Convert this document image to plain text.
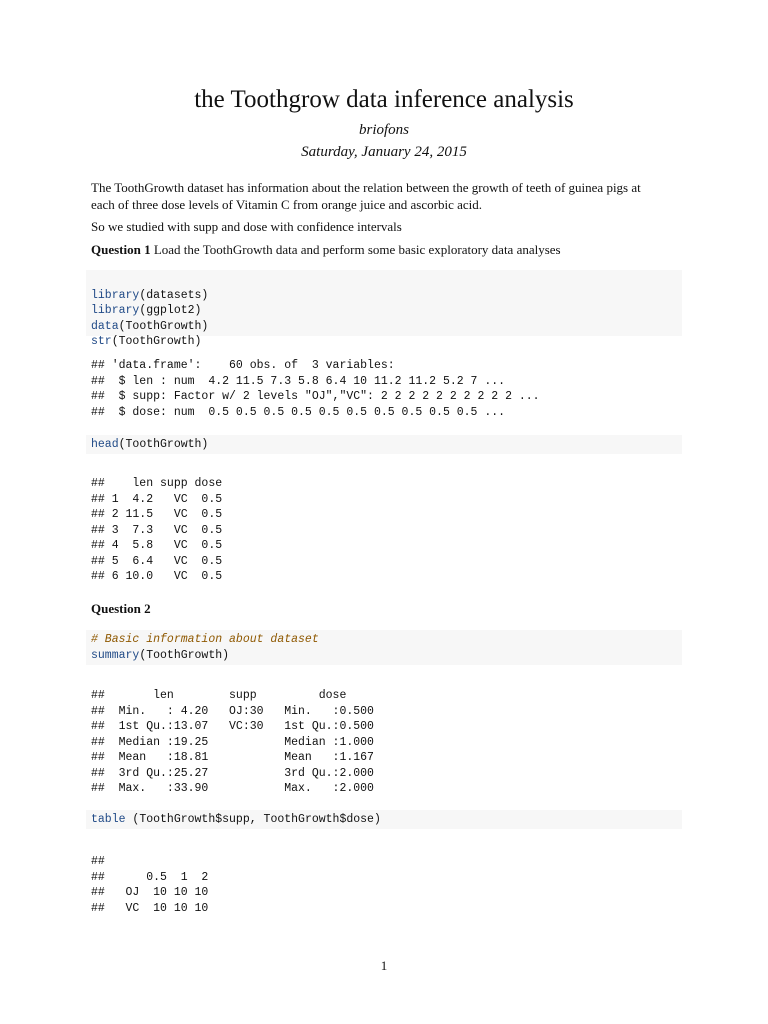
the Toothgrow data inference analysis
briofons
Saturday, January 24, 2015
The ToothGrowth dataset has information about the relation between the growth of teeth of guinea pigs at
each of three dose levels of Vitamin C from orange juice and ascorbic acid.
So we studied with supp and dose with confidence intervals
Question 1 Load the ToothGrowth data and perform some basic exploratory data analyses

library(datasets)
library(ggplot2)
data(ToothGrowth)
str(ToothGrowth)
## 'data.frame':    60 obs. of  3 variables:
##  $ len : num  4.2 11.5 7.3 5.8 6.4 10 11.2 11.2 5.2 7 ...
##  $ supp: Factor w/ 2 levels "OJ","VC": 2 2 2 2 2 2 2 2 2 2 ...
##  $ dose: num  0.5 0.5 0.5 0.5 0.5 0.5 0.5 0.5 0.5 0.5 ...
head(ToothGrowth)
##    len supp dose
## 1  4.2   VC  0.5
## 2 11.5   VC  0.5
## 3  7.3   VC  0.5
## 4  5.8   VC  0.5
## 5  6.4   VC  0.5
## 6 10.0   VC  0.5
Question 2
# Basic information about dataset
summary(ToothGrowth)
##       len        supp         dose
##  Min.   : 4.20   OJ:30   Min.   :0.500
##  1st Qu.:13.07   VC:30   1st Qu.:0.500
##  Median :19.25           Median :1.000
##  Mean   :18.81           Mean   :1.167
##  3rd Qu.:25.27           3rd Qu.:2.000
##  Max.   :33.90           Max.   :2.000
table (ToothGrowth$supp, ToothGrowth$dose)
##
##      0.5  1  2
##   OJ  10 10 10
##   VC  10 10 10
1
